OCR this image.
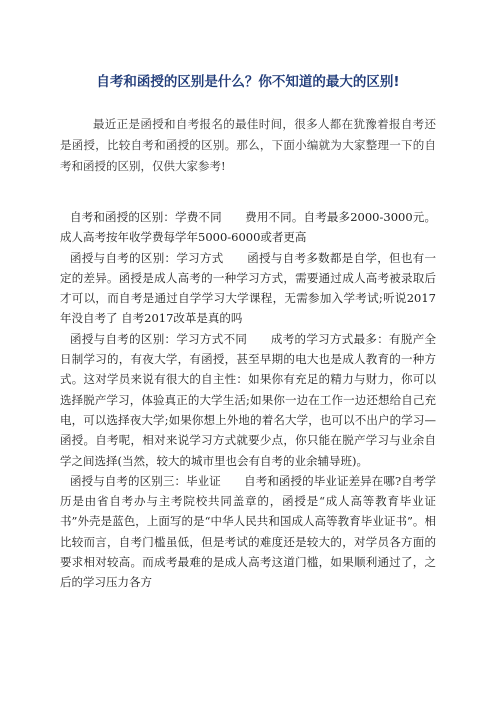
自考和函授的区别是什么？你不知道的最大的区别!
最近正是函授和自考报名的最佳时间，很多人都在犹豫着报自考还是函授，比较自考和函授的区别。那么，下面小编就为大家整理一下的自考和函授的区别，仅供大家参考!

自考和函授的区别：学费不同　　费用不同。自考最多2000-3000元。成人高考按年收学费每学年5000-6000或者更高

函授与自考的区别：学习方式　　函授与自考多数都是自学，但也有一定的差异。函授是成人高考的一种学习方式，需要通过成人高考被录取后才可以，而自考是通过自学学习大学课程，无需参加入学考试;听说2017年没自考了 自考2017改革是真的吗

函授与自考的区别：学习方式不同　　成考的学习方式最多：有脱产全日制学习的，有夜大学，有函授，甚至早期的电大也是成人教育的一种方式。这对学员来说有很大的自主性：如果你有充足的精力与财力，你可以选择脱产学习，体验真正的大学生活;如果你一边在工作一边还想给自己充电，可以选择夜大学;如果你想上外地的着名大学，也可以不出户的学习—函授。自考呢，相对来说学习方式就要少点，你只能在脱产学习与业余自学之间选择(当然，较大的城市里也会有自考的业余辅导班)。

函授与自考的区别三：毕业证　　自考和函授的毕业证差异在哪?自考学历是由省自考办与主考院校共同盖章的，函授是“成人高等教育毕业证书”外壳是蓝色，上面写的是“中华人民共和国成人高等教育毕业证书”。相比较而言，自考门槛虽低，但是考试的难度还是较大的，对学员各方面的要求相对较高。而成考最难的是成人高考这道门槛，如果顺利通过了，之后的学习压力各方
